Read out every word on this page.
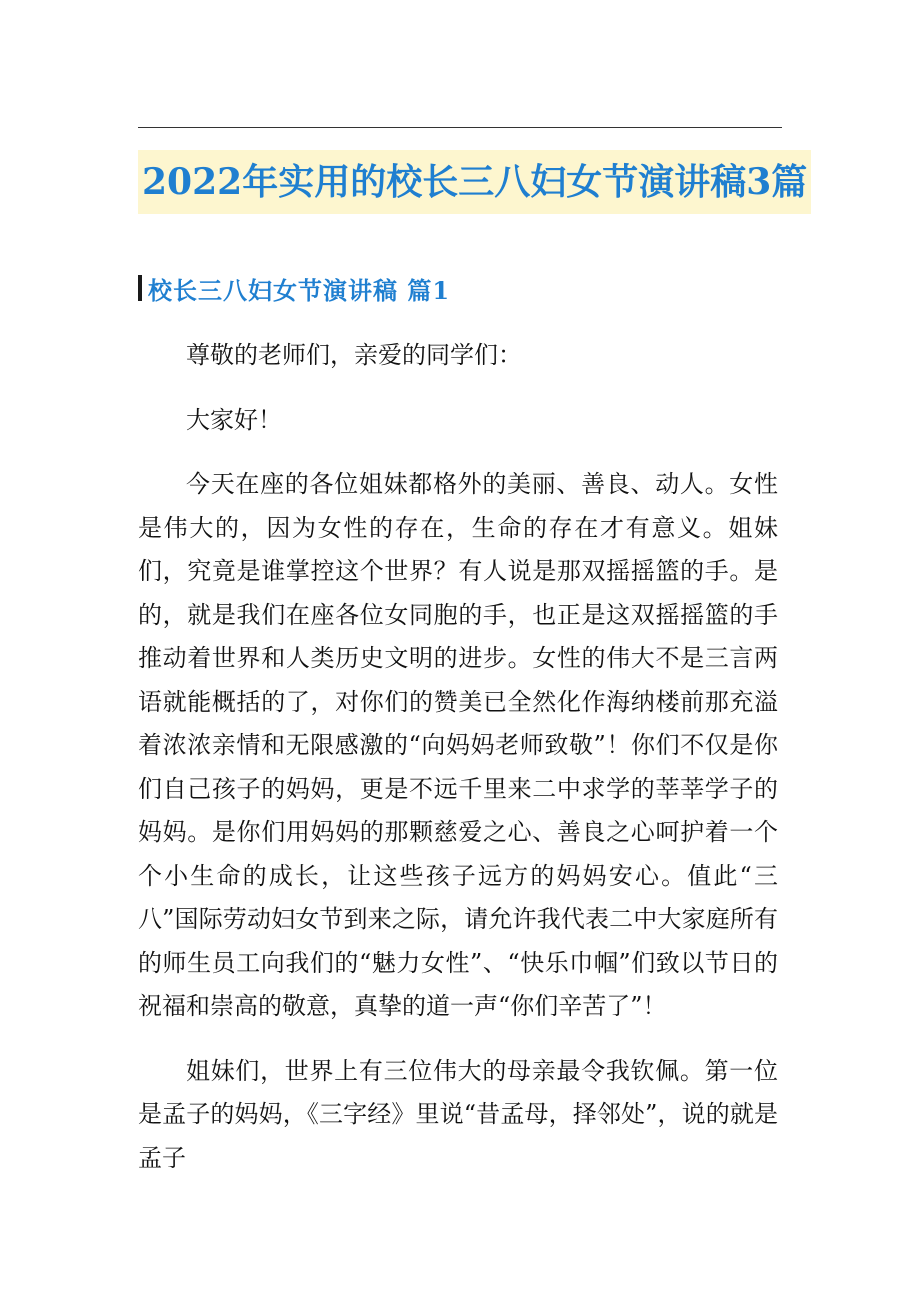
2022年实用的校长三八妇女节演讲稿3篇
校长三八妇女节演讲稿 篇1

尊敬的老师们，亲爱的同学们：

大家好！

今天在座的各位姐妹都格外的美丽、善良、动人。女性是伟大的，因为女性的存在，生命的存在才有意义。姐妹们，究竟是谁掌控这个世界？有人说是那双摇摇篮的手。是的，就是我们在座各位女同胞的手，也正是这双摇摇篮的手推动着世界和人类历史文明的进步。女性的伟大不是三言两语就能概括的了，对你们的赞美已全然化作海纳楼前那充溢着浓浓亲情和无限感激的“向妈妈老师致敬”！你们不仅是你们自己孩子的妈妈，更是不远千里来二中求学的莘莘学子的妈妈。是你们用妈妈的那颗慈爱之心、善良之心呵护着一个个小生命的成长，让这些孩子远方的妈妈安心。值此“三八”国际劳动妇女节到来之际，请允许我代表二中大家庭所有的师生员工向我们的“魅力女性”、“快乐巾帼”们致以节日的祝福和崇高的敬意，真挚的道一声“你们辛苦了”！

姐妹们，世界上有三位伟大的母亲最令我钦佩。第一位是孟子的妈妈，《三字经》里说“昔孟母，择邻处”，说的就是孟子
